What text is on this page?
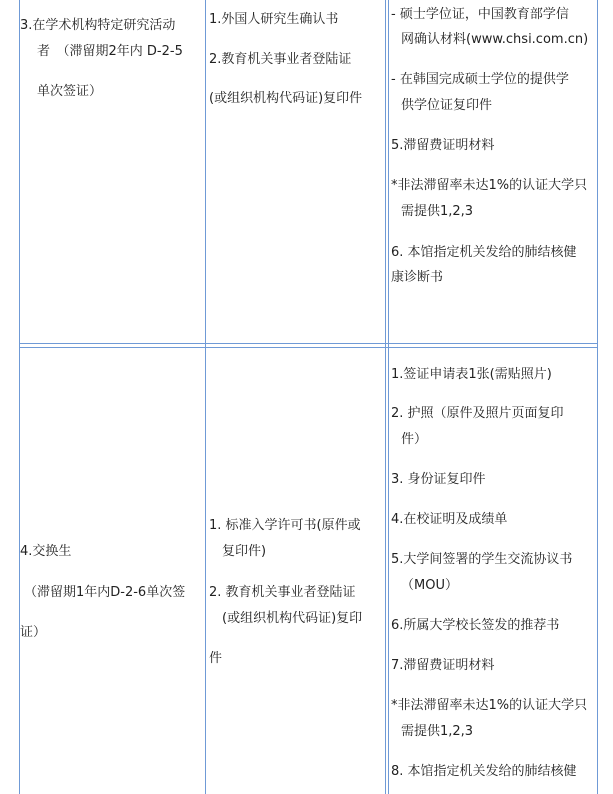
3.在学术机构特定研究活动
者　（滞留期2年内 D-2-5
单次签证）
1.外国人研究生确认书
2.教育机关事业者登陆证
(或组织机构代码证)复印件
- 硕士学位证，中国教育部学信
网确认材料(www.chsi.com.cn)
- 在韩国完成硕士学位的提供学
供学位证复印件
5.滞留费证明材料
*非法滞留率未达1%的认证大学只
需提供1,2,3
6. 本馆指定机关发给的肺结核健
康诊断书
4.交换生
（滞留期1年内D-2-6单次签
证）
1. 标准入学许可书(原件或
复印件)
2. 教育机关事业者登陆证
(或组织机构代码证)复印
件
1.签证申请表1张(需贴照片)
2. 护照（原件及照片页面复印
件）
3. 身份证复印件
4.在校证明及成绩单
5.大学间签署的学生交流协议书
（MOU）
6.所属大学校长签发的推荐书
7.滞留费证明材料
*非法滞留率未达1%的认证大学只
需提供1,2,3
8. 本馆指定机关发给的肺结核健
